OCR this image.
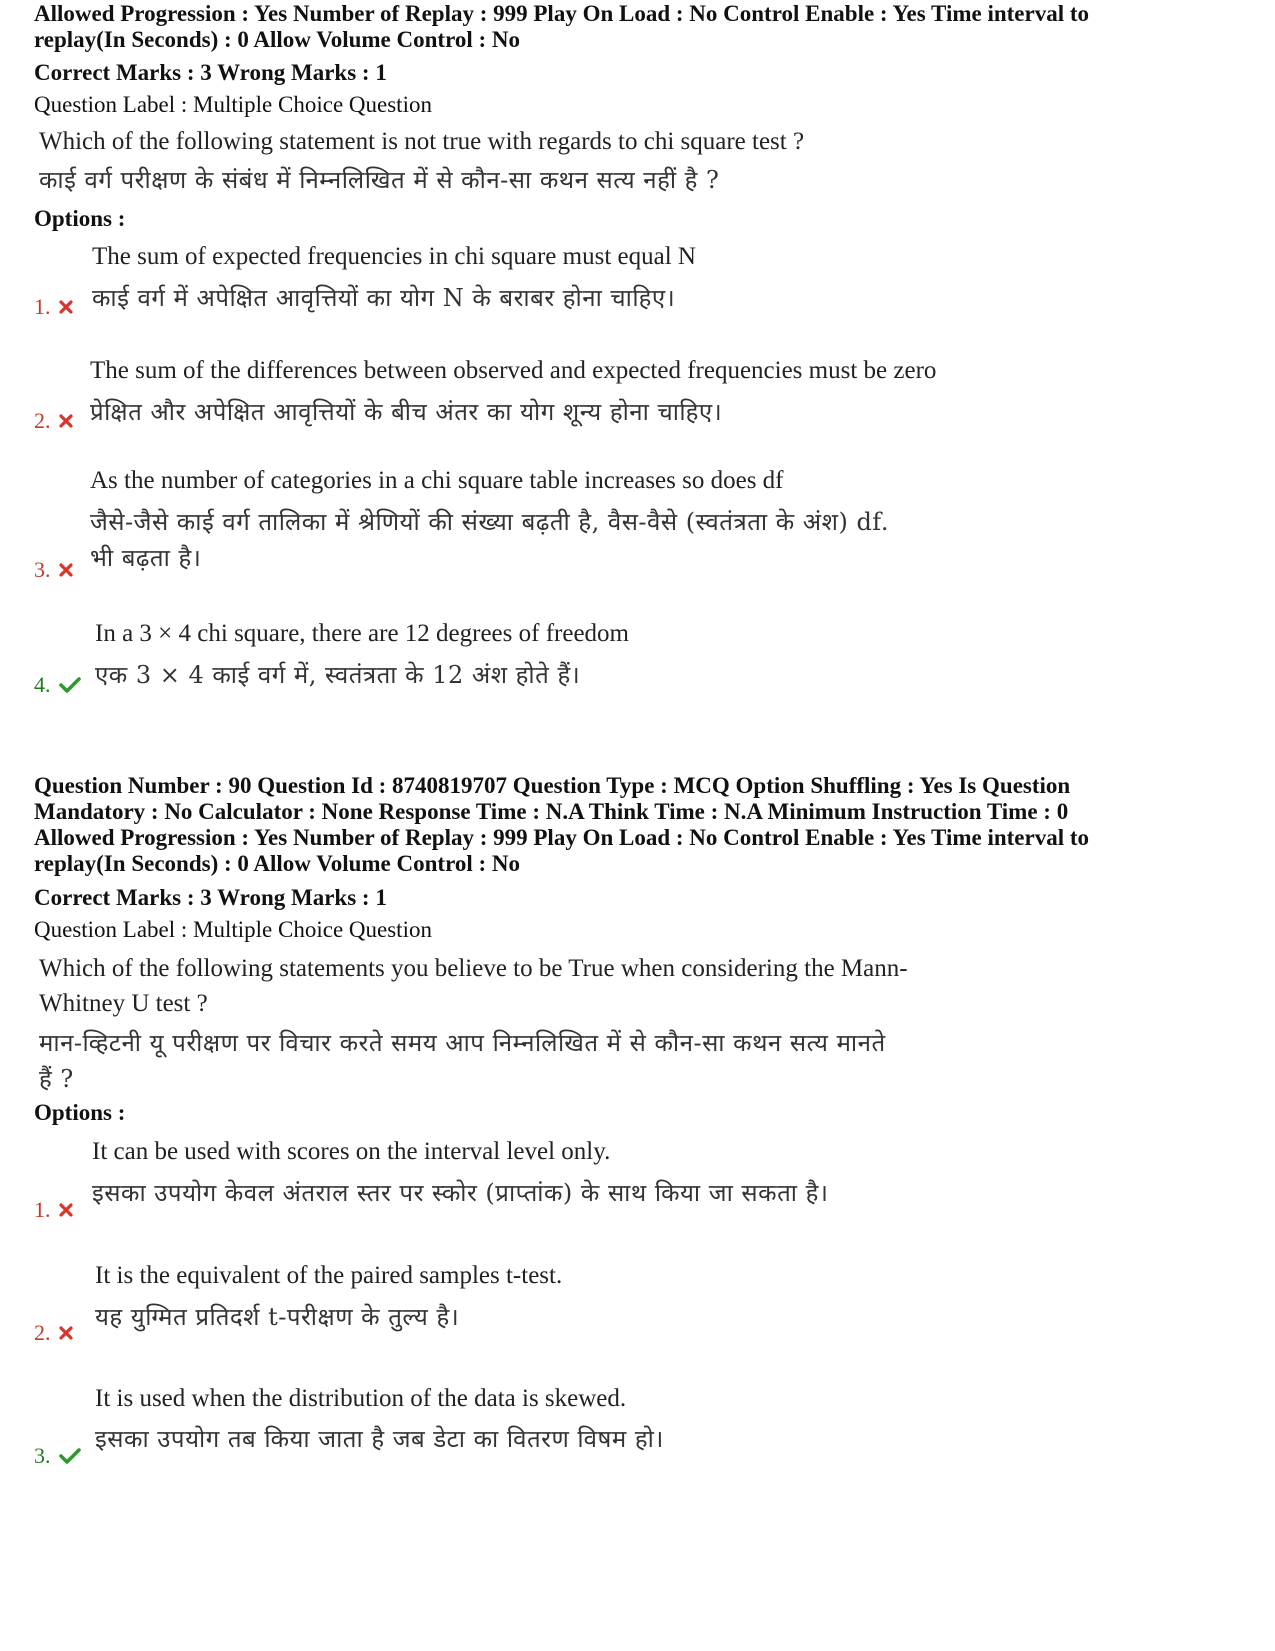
Allowed Progression : Yes Number of Replay : 999 Play On Load : No Control Enable : Yes Time interval to
replay(In Seconds) : 0 Allow Volume Control : No
Correct Marks : 3 Wrong Marks : 1
Question Label : Multiple Choice Question
Which of the following statement is not true with regards to chi square test ?
काई वर्ग परीक्षण के संबंध में निम्नलिखित में से कौन-सा कथन सत्य नहीं है ?
Options :
The sum of expected frequencies in chi square must equal N
काई वर्ग में अपेक्षित आवृत्तियों का योग N के बराबर होना चाहिए।
1.
The sum of the differences between observed and expected frequencies must be zero
प्रेक्षित और अपेक्षित आवृत्तियों के बीच अंतर का योग शून्य होना चाहिए।
2.
As the number of categories in a chi square table increases so does df
जैसे-जैसे काई वर्ग तालिका में श्रेणियों की संख्या बढ़ती है, वैस-वैसे (स्वतंत्रता के अंश) df.
भी बढ़ता है।
3.
In a 3 × 4 chi square, there are 12 degrees of freedom
एक 3 × 4 काई वर्ग में, स्वतंत्रता के 12 अंश होते हैं।
4.
Question Number : 90 Question Id : 8740819707 Question Type : MCQ Option Shuffling : Yes Is Question
Mandatory : No Calculator : None Response Time : N.A Think Time : N.A Minimum Instruction Time : 0
Allowed Progression : Yes Number of Replay : 999 Play On Load : No Control Enable : Yes Time interval to
replay(In Seconds) : 0 Allow Volume Control : No
Correct Marks : 3 Wrong Marks : 1
Question Label : Multiple Choice Question
Which of the following statements you believe to be True when considering the Mann-
Whitney U test ?
मान-व्हिटनी यू परीक्षण पर विचार करते समय आप निम्नलिखित में से कौन-सा कथन सत्य मानते
हैं ?
Options :
It can be used with scores on the interval level only.
इसका उपयोग केवल अंतराल स्तर पर स्कोर (प्राप्तांक) के साथ किया जा सकता है।
1.
It is the equivalent of the paired samples t-test.
यह युग्मित प्रतिदर्श t-परीक्षण के तुल्य है।
2.
It is used when the distribution of the data is skewed.
इसका उपयोग तब किया जाता है जब डेटा का वितरण विषम हो।
3.
